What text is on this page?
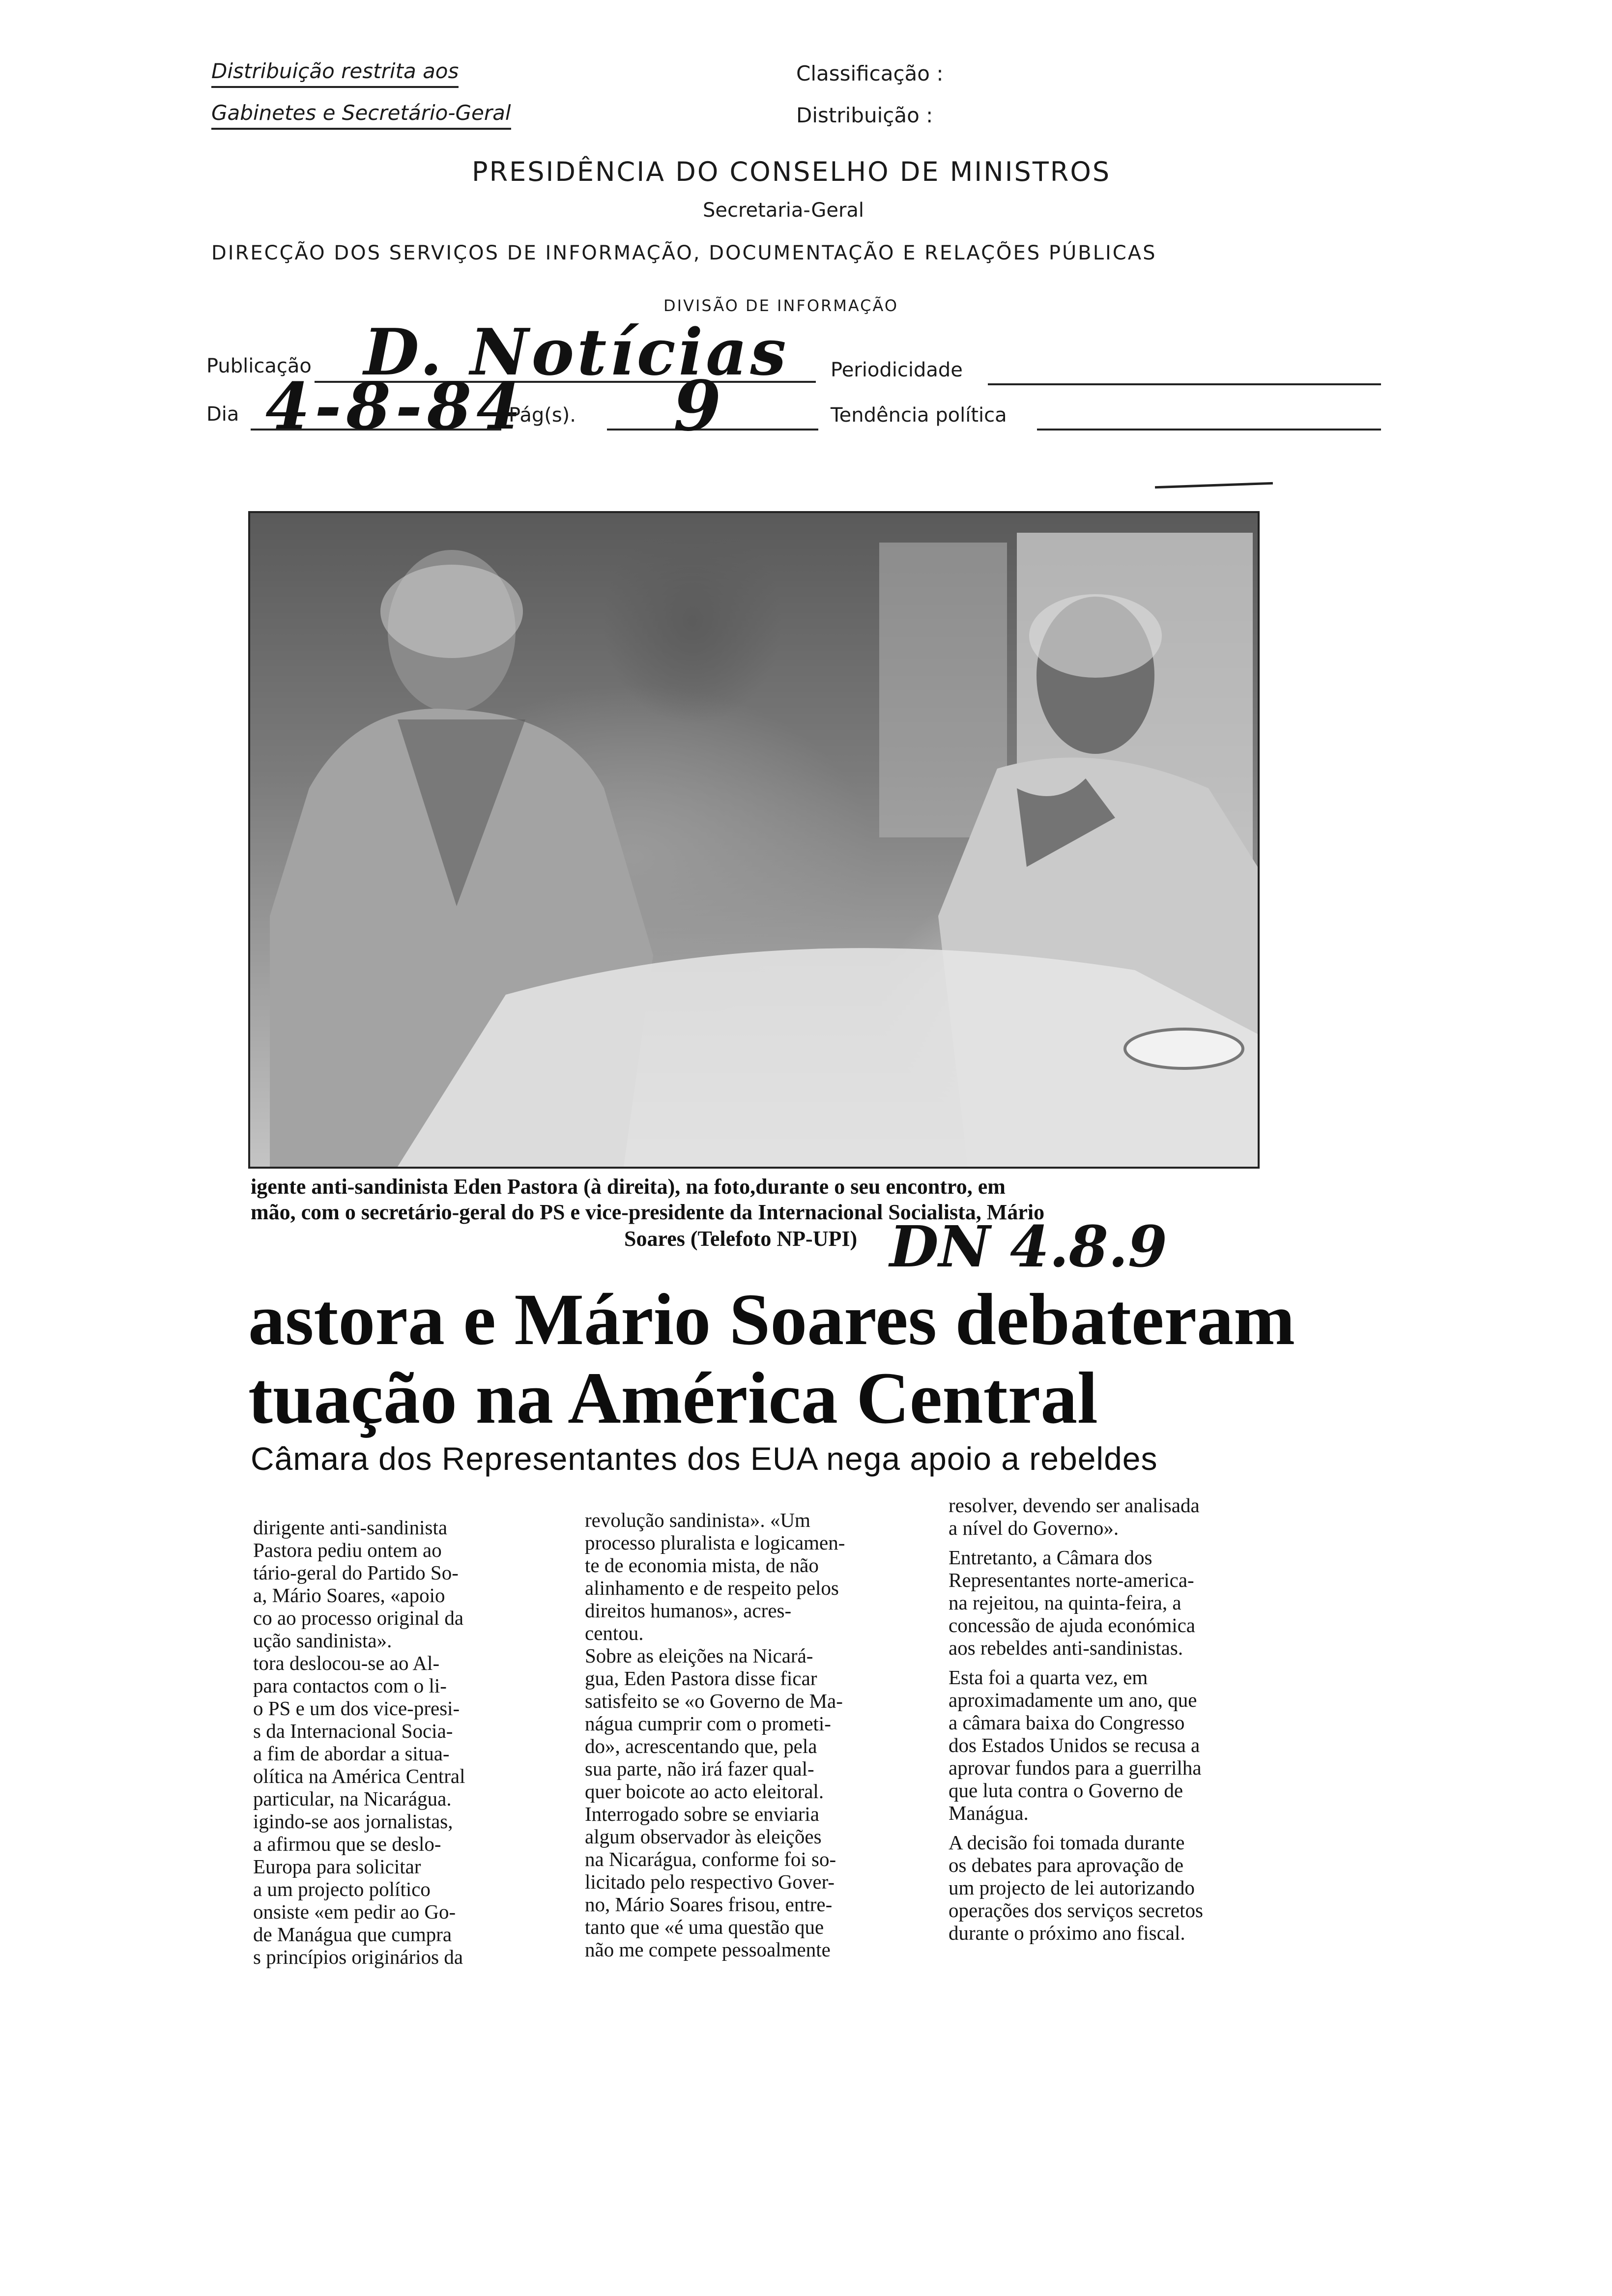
Distribuição restrita aos
Gabinetes e Secretário-Geral
Classificação :
Distribuição :
PRESIDÊNCIA DO CONSELHO DE MINISTROS
Secretaria-Geral
DIRECÇÃO DOS SERVIÇOS DE INFORMAÇÃO, DOCUMENTAÇÃO E RELAÇÕES PÚBLICAS
DIVISÃO DE INFORMAÇÃO
Publicação D. Notícias Periodicidade
Dia 4-8-84
Pág(s). 9	Tendência política
igente anti-sandinista Eden Pastora (à direita), na foto,durante o seu encontro, em
mão, com o secretário-geral do PS e vice-presidente da Internacional Socialista, Mário
Soares (Telefoto NP-UPI) DN 4.8.9
astora e Mário Soares debateram
tuação na América Central
Câmara dos Representantes dos EUA nega apoio a rebeldes

dirigente anti-sandinista

Pastora pediu ontem ao

tário-geral do Partido So-

a, Mário Soares, «apoio

co ao processo original da

ução sandinista».

tora deslocou-se ao Al-

para contactos com o li-

o PS e um dos vice-presi-

s da Internacional Socia-

a fim de abordar a situa-

olítica na América Central

particular, na Nicarágua.

igindo-se aos jornalistas,

a afirmou que se deslo-

Europa para solicitar

a um projecto político

onsiste «em pedir ao Go-

de Manágua que cumpra

s princípios originários da

revolução sandinista». «Um

processo pluralista e logicamen-

te de economia mista, de não

alinhamento e de respeito pelos

direitos humanos», acres-

centou.

Sobre as eleições na Nicará-

gua, Eden Pastora disse ficar

satisfeito se «o Governo de Ma-

nágua cumprir com o prometi-

do», acrescentando que, pela

sua parte, não irá fazer qual-

quer boicote ao acto eleitoral.

Interrogado sobre se enviaria

algum observador às eleições

na Nicarágua, conforme foi so-

licitado pelo respectivo Gover-

no, Mário Soares frisou, entre-

tanto que «é uma questão que

não me compete pessoalmente

resolver, devendo ser analisada

a nível do Governo».

Entretanto, a Câmara dos

Representantes norte-america-

na rejeitou, na quinta-feira, a

concessão de ajuda económica

aos rebeldes anti-sandinistas.

Esta foi a quarta vez, em

aproximadamente um ano, que

a câmara baixa do Congresso

dos Estados Unidos se recusa a

aprovar fundos para a guerrilha

que luta contra o Governo de

Manágua.

A decisão foi tomada durante

os debates para aprovação de

um projecto de lei autorizando

operações dos serviços secretos

durante o próximo ano fiscal.
